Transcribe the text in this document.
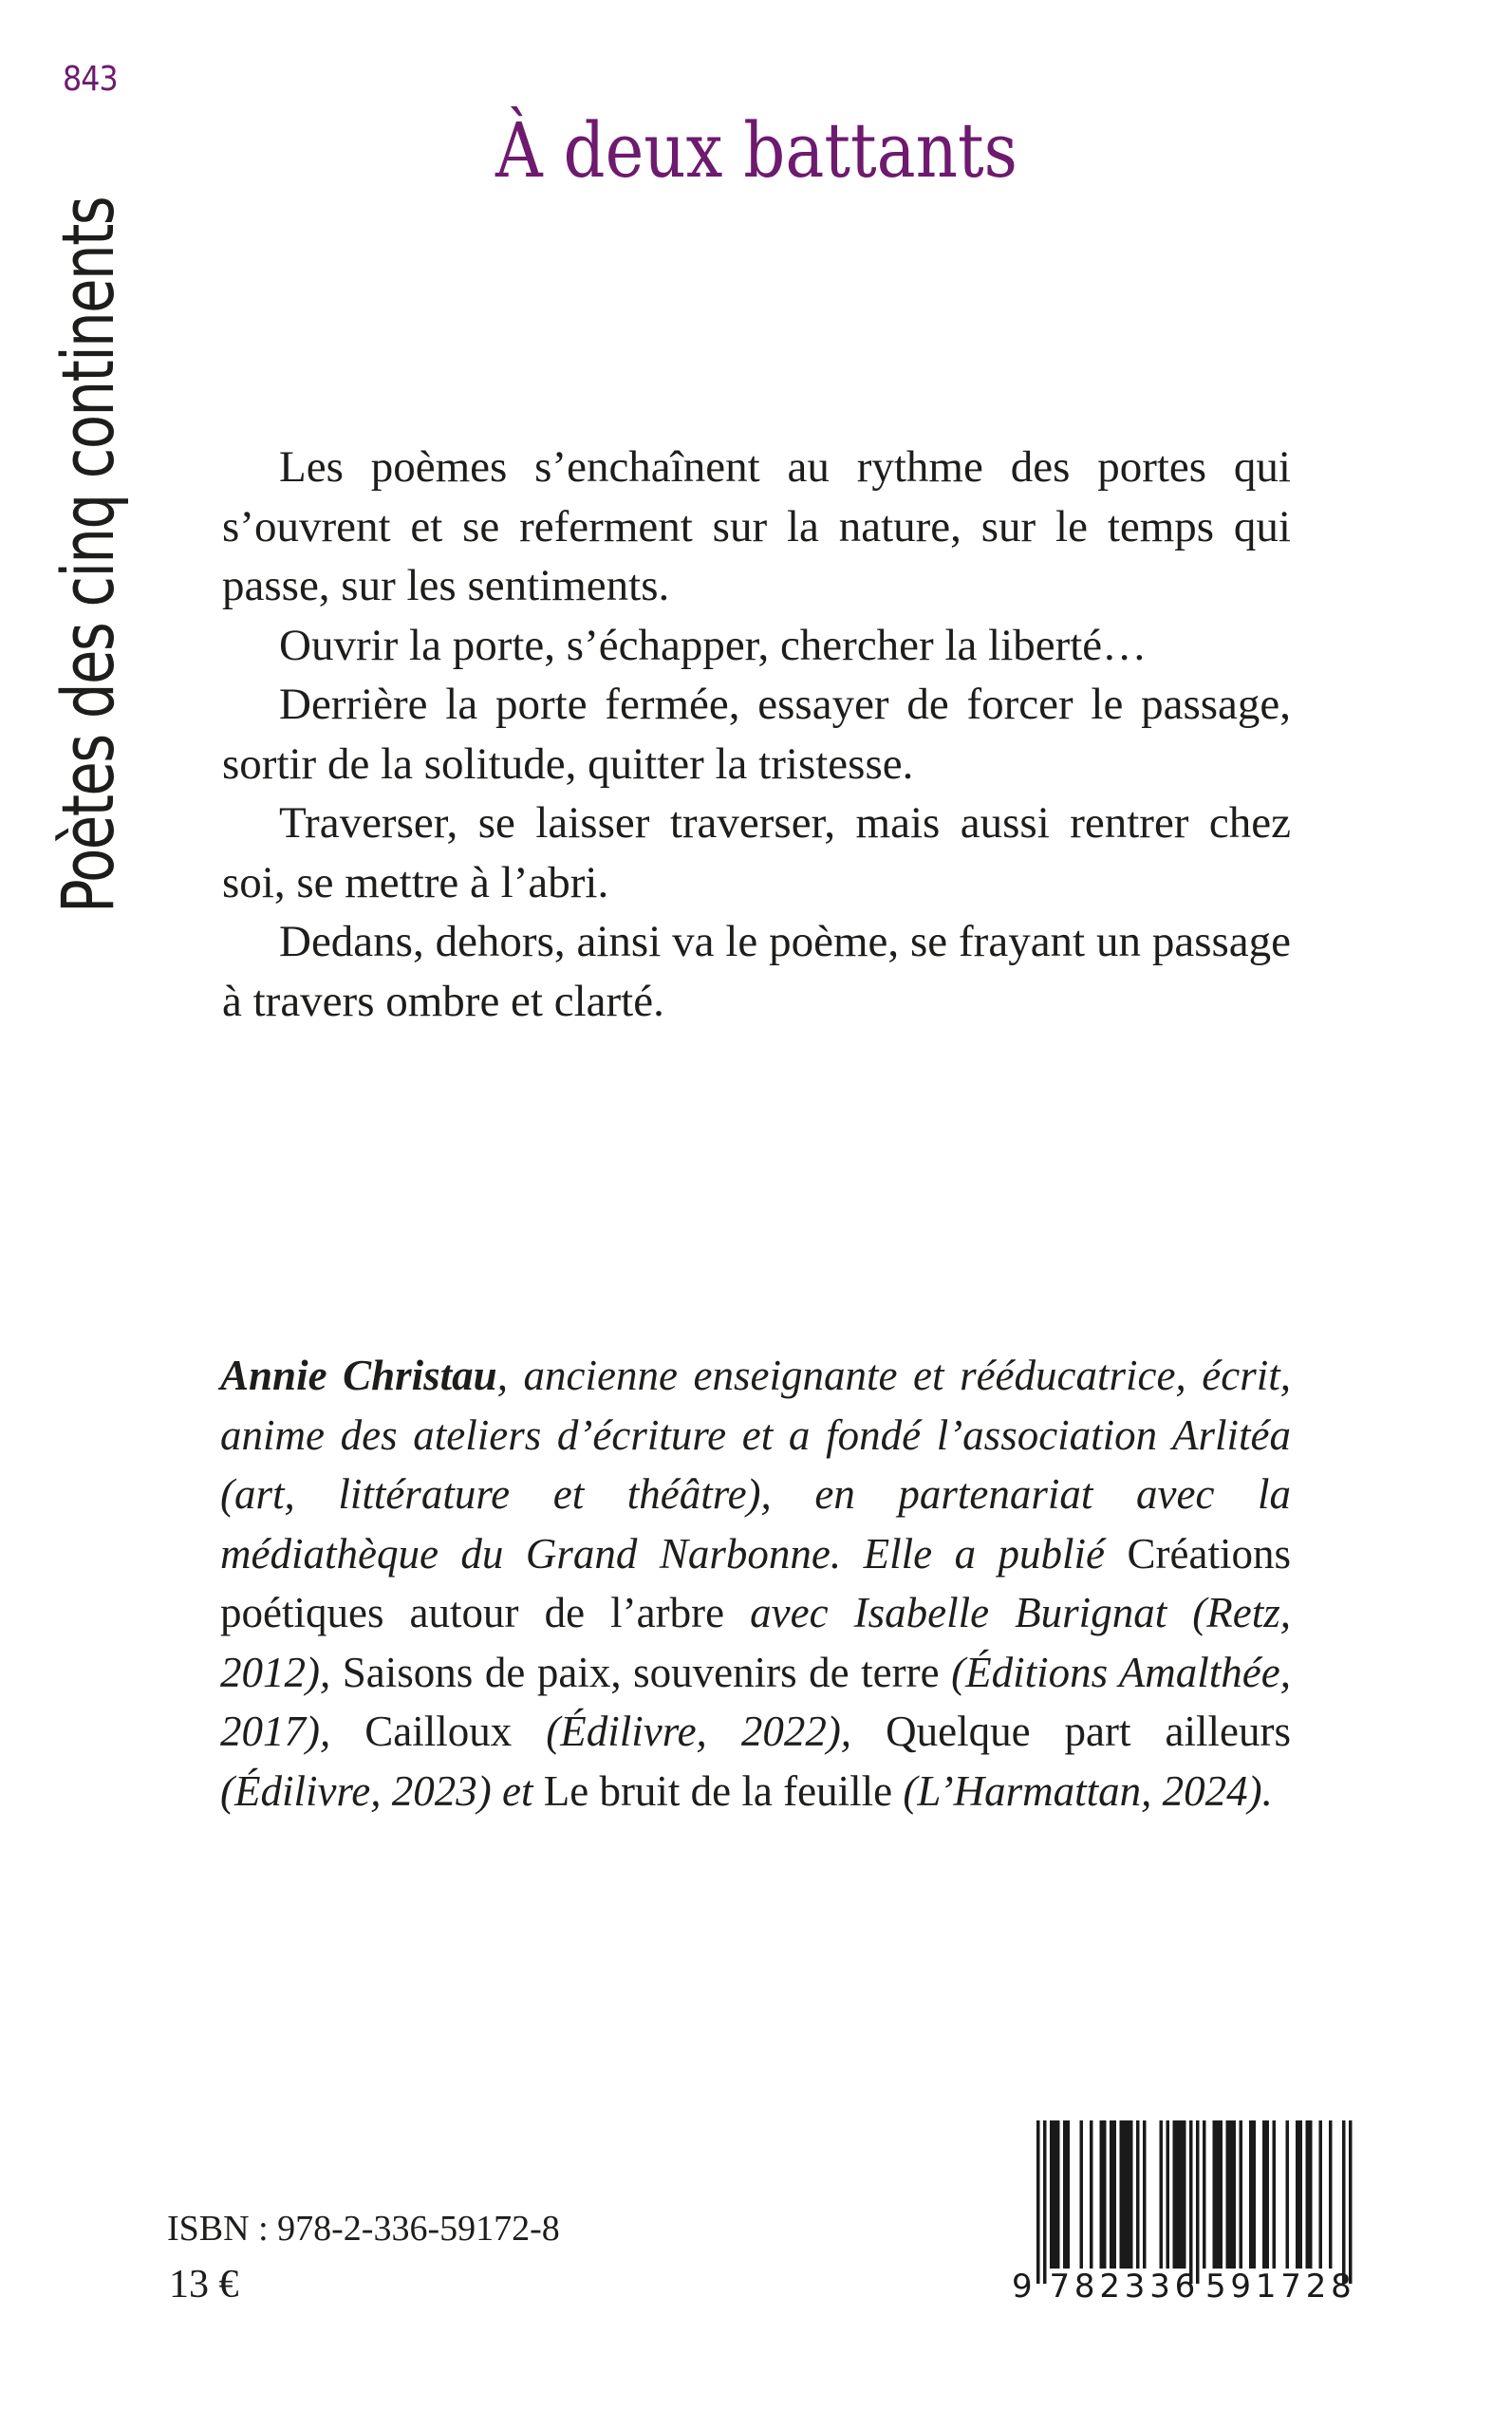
843
Poètes des cinq continents
À deux battants

Les poèmes s’enchaînent au rythme des portes qui s’ouvrent et se referment sur la nature, sur le temps qui passe, sur les sentiments.

Ouvrir la porte, s’échapper, chercher la liberté…

Derrière la porte fermée, essayer de forcer le passage, sortir de la solitude, quitter la tristesse.

Traverser, se laisser traverser, mais aussi rentrer chez soi, se mettre à l’abri.

Dedans, dehors, ainsi va le poème, se frayant un passage à travers ombre et clarté.

Annie Christau, ancienne enseignante et rééducatrice, écrit, anime des ateliers d’écriture et a fondé l’association Arlitéa (art, littérature et théâtre), en partenariat avec la médiathèque du Grand Narbonne. Elle a publié Créations poétiques autour de l’arbre avec Isabelle Burignat (Retz, 2012), Saisons de paix, souvenirs de terre (Éditions Amalthée, 2017), Cailloux (Édilivre, 2022), Quelque part ailleurs (Édilivre, 2023) et Le bruit de la feuille (L’Harmattan, 2024).

ISBN : 978-2-336-59172-8
13 €	9 782336 591728
